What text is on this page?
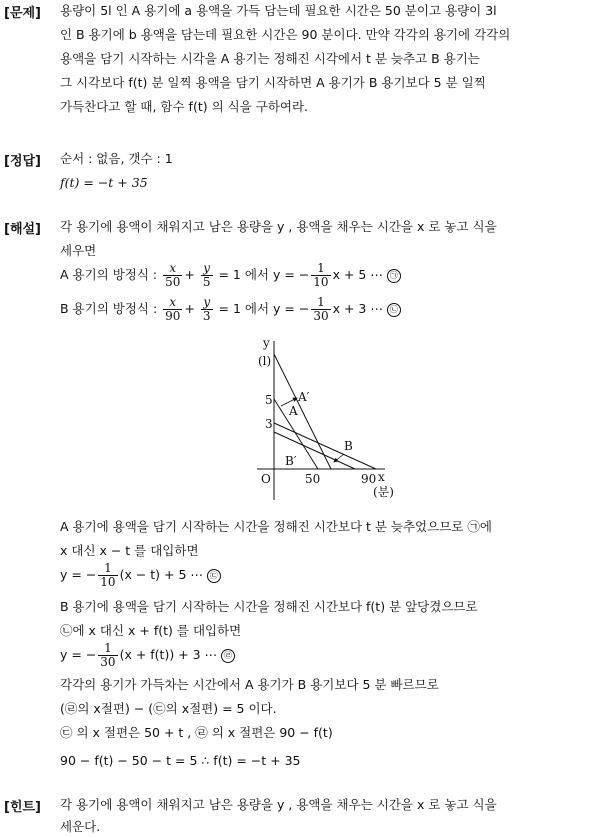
[문제] 용량이 5l 인 A 용기에 a 용액을 가득 담는데 필요한 시간은 50 분이고 용량이 3l
인 B 용기에 b 용액을 담는데 필요한 시간은 90 분이다. 만약 각각의 용기에 각각의
용액을 담기 시작하는 시각을 A 용기는 정해진 시각에서 t 분 늦추고 B 용기는
그 시각보다 f(t) 분 일찍 용액을 담기 시작하면 A 용기가 B 용기보다 5 분 일찍
가득찬다고 할 때, 함수 f(t) 의 식을 구하여라.
[정답] 순서 : 없음, 갯수 : 1
f(t) = −t + 35
[해설] 각 용기에 용액이 채워지고 남은 용량을 y , 용액을 채우는 시간을 x 로 놓고 식을
세우면
A 용기의 방정식 : $\frac{x}{50} + \frac{y}{5} = 1$ 에서 y = − $\frac{1}{10}$ x + 5 ⋯ ㉠
B 용기의 방정식 : $\frac{x}{90} + \frac{y}{3} = 1$ 에서 y = − $\frac{1}{30}$ x + 3 ⋯ ㉡
y
(l)
x
(분)
O
5
3
50	90
A′
A
B
B′
A 용기에 용액을 담기 시작하는 시간을 정해진 시간보다 t 분 늦추었으므로 ㉠에
x 대신 x − t 를 대입하면
y = − $\frac{1}{10} (x - t) + 5$ ⋯ ㉢
B 용기에 용액을 담기 시작하는 시간을 정해진 시간보다 f(t) 분 앞당겼으므로
㉡에 x 대신 x + f(t) 를 대입하면
y = − $\frac{1}{30} (x + f(t)) + 3$ ⋯ ㉣
각각의 용기가 가득차는 시간에서 A 용기가 B 용기보다 5 분 빠르므로
(㉣의 x절편) − (㉢의 x절편) = 5 이다.
㉢ 의 x 절편은 50 + t , ㉣ 의 x 절편은 90 − f(t)
90 − f(t) − 50 − t = 5 ∴ f(t) = −t + 35
[힌트] 각 용기에 용액이 채워지고 남은 용량을 y , 용액을 채우는 시간을 x 로 놓고 식을
세운다.
